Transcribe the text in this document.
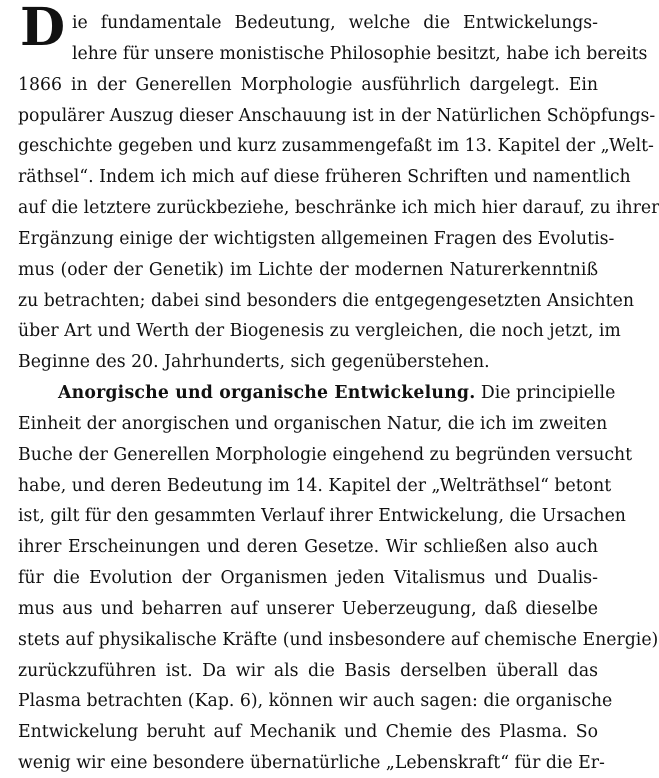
D ie fundamentale Bedeutung, welche die Entwickelungs-
lehre für unsere monistische Philosophie besitzt, habe ich bereits
1866 in der Generellen Morphologie ausführlich dargelegt. Ein
populärer Auszug dieser Anschauung ist in der Natürlichen Schöpfungs-
geschichte gegeben und kurz zusammengefaßt im 13. Kapitel der „Welt-
räthsel“. Indem ich mich auf diese früheren Schriften und namentlich
auf die letztere zurückbeziehe, beschränke ich mich hier darauf, zu ihrer
Ergänzung einige der wichtigsten allgemeinen Fragen des Evolutis-
mus (oder der Genetik) im Lichte der modernen Naturerkenntniß
zu betrachten; dabei sind besonders die entgegengesetzten Ansichten
über Art und Werth der Biogenesis zu vergleichen, die noch jetzt, im
Beginne des 20. Jahrhunderts, sich gegenüberstehen.
Anorgische und organische Entwickelung. Die principielle
Einheit der anorgischen und organischen Natur, die ich im zweiten
Buche der Generellen Morphologie eingehend zu begründen versucht
habe, und deren Bedeutung im 14. Kapitel der „Welträthsel“ betont
ist, gilt für den gesammten Verlauf ihrer Entwickelung, die Ursachen
ihrer Erscheinungen und deren Gesetze. Wir schließen also auch
für die Evolution der Organismen jeden Vitalismus und Dualis-
mus aus und beharren auf unserer Ueberzeugung, daß dieselbe
stets auf physikalische Kräfte (und insbesondere auf chemische Energie)
zurückzuführen ist. Da wir als die Basis derselben überall das
Plasma betrachten (Kap. 6), können wir auch sagen: die organische
Entwickelung beruht auf Mechanik und Chemie des Plasma. So
wenig wir eine besondere übernatürliche „Lebenskraft“ für die Er-
